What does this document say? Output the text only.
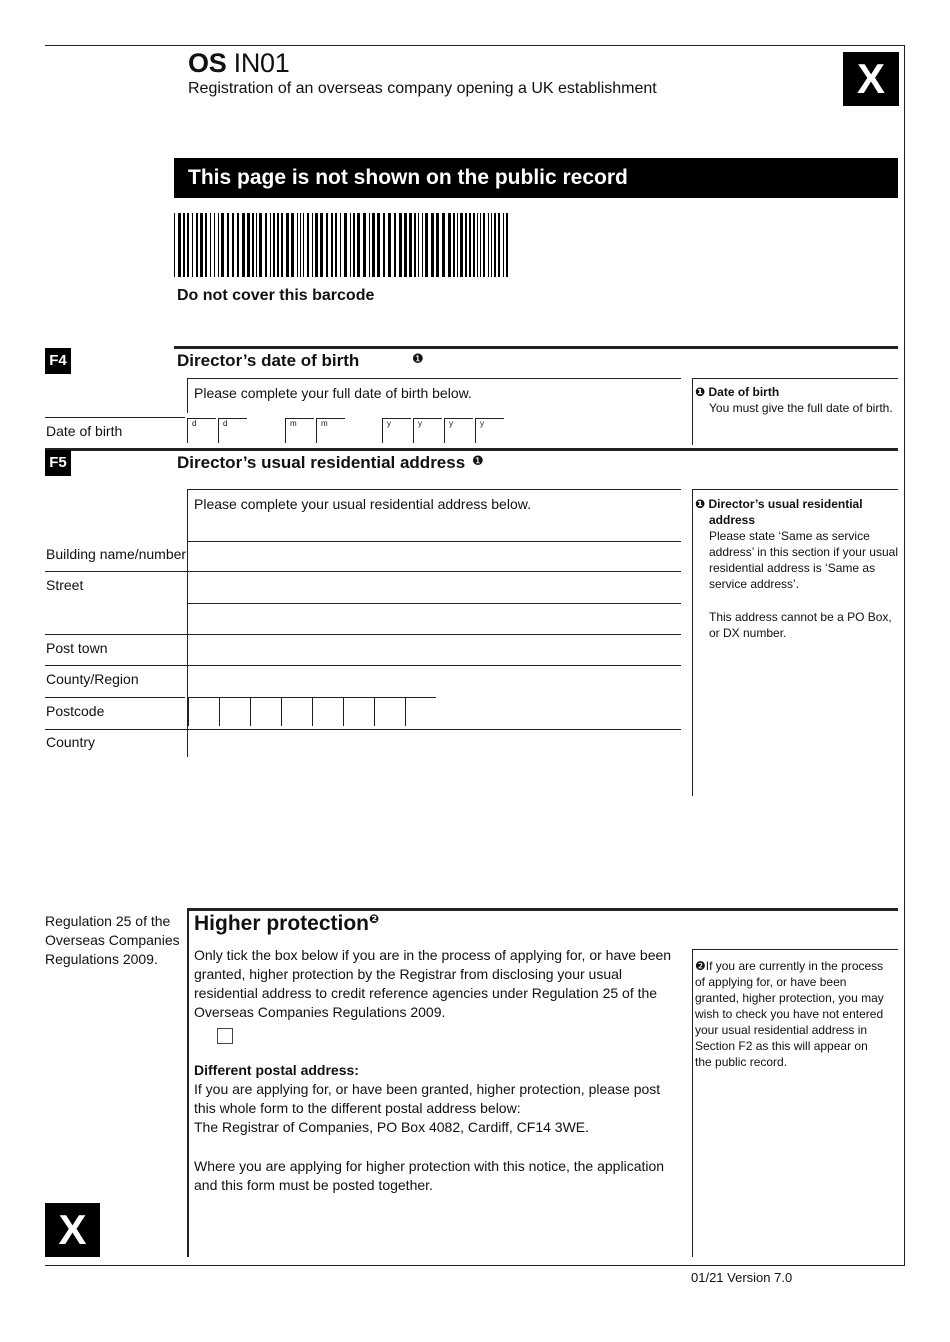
OS IN01
Registration of an overseas company opening a UK establishment	X
This page is not shown on the public record
Do not cover this barcode
F4	Director’s date of birth	❶
Please complete your full date of birth below.
Date of birth	d	d	m	m	y	y	y	y
❶ Date of birth
You must give the full date of birth.
F5	Director’s usual residential address ❶
Please complete your usual residential address below.
Building name/number
Street
Post town
County/Region
Postcode
Country
❶ Director’s usual residential
address
Please state ‘Same as service address’ in this section if your usual residential address is ‘Same as service address’.
This address cannot be a PO Box, or DX number.
Regulation 25 of the Overseas Companies Regulations 2009.
Higher protection$^❷$
Only tick the box below if you are in the process of applying for, or have been granted, higher protection by the Registrar from disclosing your usual residential address to credit reference agencies under Regulation 25 of the Overseas Companies Regulations 2009.
Different postal address:
If you are applying for, or have been granted, higher protection, please post this whole form to the different postal address below:
The Registrar of Companies, PO Box 4082, Cardiff, CF14 3WE.
Where you are applying for higher protection with this notice, the application and this form must be posted together.
❷If you are currently in the process of applying for, or have been granted, higher protection, you may wish to check you have not entered your usual residential address in Section F2 as this will appear on the public record.
X
01/21 Version 7.0
